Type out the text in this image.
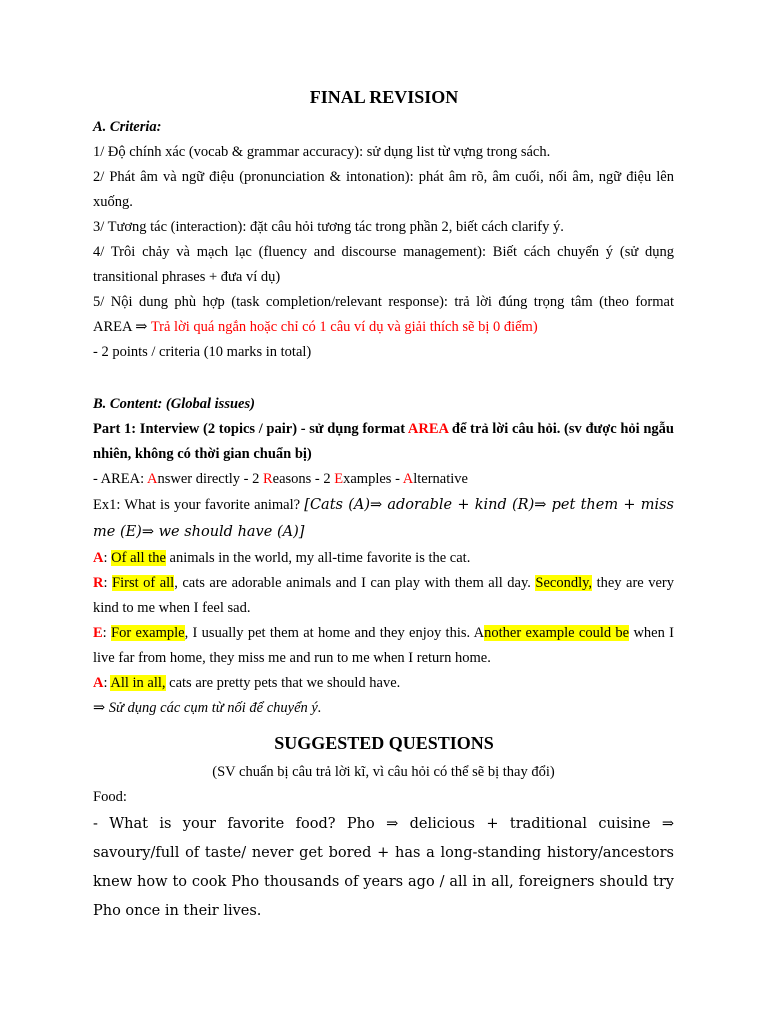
FINAL REVISION
A. Criteria:
1/ Độ chính xác (vocab & grammar accuracy): sử dụng list từ vựng trong sách.
2/ Phát âm và ngữ điệu (pronunciation & intonation): phát âm rõ, âm cuối, nối âm, ngữ điệu lên xuống.
3/ Tương tác (interaction): đặt câu hỏi tương tác trong phần 2, biết cách clarify ý.
4/ Trôi chảy và mạch lạc (fluency and discourse management): Biết cách chuyển ý (sử dụng transitional phrases + đưa ví dụ)
5/ Nội dung phù hợp (task completion/relevant response): trả lời đúng trọng tâm (theo format AREA ⇒ Trả lời quá ngắn hoặc chỉ có 1 câu ví dụ và giải thích sẽ bị 0 điểm)
- 2 points / criteria (10 marks in total)
B. Content: (Global issues)
Part 1: Interview (2 topics / pair) - sử dụng format AREA để trả lời câu hỏi. (sv được hỏi ngẫu nhiên, không có thời gian chuẩn bị)
- AREA: Answer directly - 2 Reasons - 2 Examples - Alternative
Ex1: What is your favorite animal? [Cats (A)⇒ adorable + kind (R)⇒ pet them + miss me (E)⇒ we should have (A)]
A: Of all the animals in the world, my all-time favorite is the cat.
R: First of all, cats are adorable animals and I can play with them all day. Secondly, they are very kind to me when I feel sad.
E: For example, I usually pet them at home and they enjoy this. Another example could be when I live far from home, they miss me and run to me when I return home.
A: All in all, cats are pretty pets that we should have.
⇒ Sử dụng các cụm từ nối để chuyển ý.
SUGGESTED QUESTIONS
(SV chuẩn bị câu trả lời kĩ, vì câu hỏi có thể sẽ bị thay đổi)
Food:
- What is your favorite food? Pho ⇒ delicious + traditional cuisine ⇒ savoury/full of taste/ never get bored + has a long-standing history/ancestors knew how to cook Pho thousands of years ago / all in all, foreigners should try Pho once in their lives.
